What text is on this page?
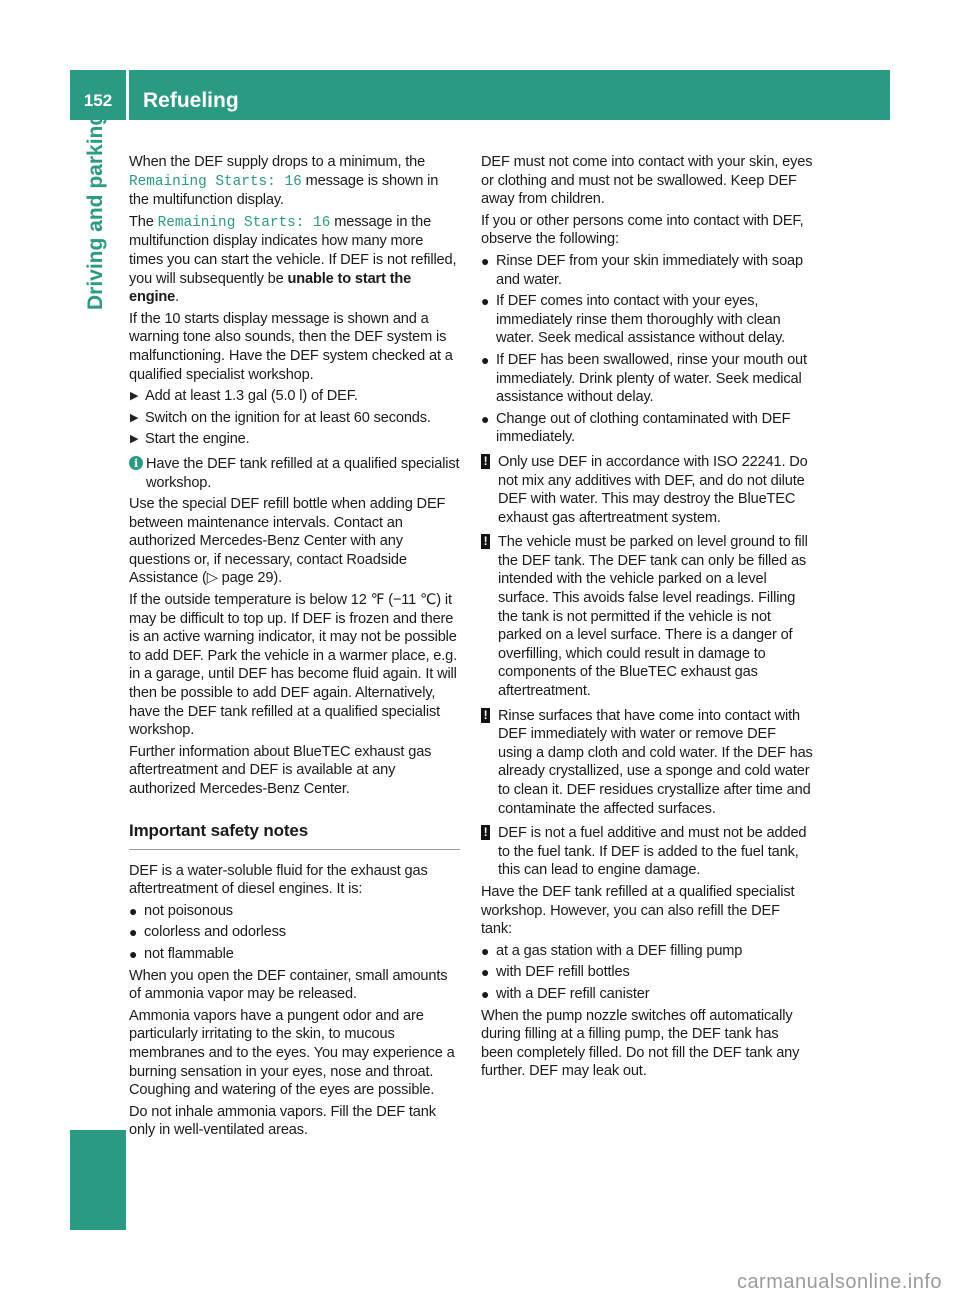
152	Refueling
Driving and parking When the DEF supply drops to a minimum, the
Remaining Starts: 16 message is shown in the multifunction display.

The Remaining Starts: 16 message in the multifunction display indicates how many more times you can start the vehicle. If DEF is not refilled, you will subsequently be unable to start the engine.

If the 10 starts display message is shown and a warning tone also sounds, then the DEF system is malfunctioning. Have the DEF system checked at a qualified specialist workshop.

▶ Add at least 1.3 gal (5.0 l) of DEF.
▶ Switch on the ignition for at least 60 seconds.
▶ Start the engine.
i Have the DEF tank refilled at a qualified specialist workshop.

Use the special DEF refill bottle when adding DEF between maintenance intervals. Contact an authorized Mercedes-Benz Center with any questions or, if necessary, contact Roadside Assistance (▷ page 29).

If the outside temperature is below 12 ℉ (−11 ℃) it may be difficult to top up. If DEF is frozen and there is an active warning indicator, it may not be possible to add DEF. Park the vehicle in a warmer place, e.g. in a garage, until DEF has become fluid again. It will then be possible to add DEF again. Alternatively, have the DEF tank refilled at a qualified specialist workshop.

Further information about BlueTEC exhaust gas aftertreatment and DEF is available at any authorized Mercedes-Benz Center.

Important safety notes

DEF is a water-soluble fluid for the exhaust gas aftertreatment of diesel engines. It is:

● not poisonous
● colorless and odorless
● not flammable

When you open the DEF container, small amounts of ammonia vapor may be released.

Ammonia vapors have a pungent odor and are particularly irritating to the skin, to mucous membranes and to the eyes. You may experience a burning sensation in your eyes, nose and throat. Coughing and watering of the eyes are possible.

Do not inhale ammonia vapors. Fill the DEF tank only in well-ventilated areas.

DEF must not come into contact with your skin, eyes or clothing and must not be swallowed. Keep DEF away from children.

If you or other persons come into contact with DEF, observe the following:

● Rinse DEF from your skin immediately with soap and water.
● If DEF comes into contact with your eyes, immediately rinse them thoroughly with clean water. Seek medical assistance without delay.
● If DEF has been swallowed, rinse your mouth out immediately. Drink plenty of water. Seek medical assistance without delay.
● Change out of clothing contaminated with DEF immediately.
! Only use DEF in accordance with ISO 22241. Do not mix any additives with DEF, and do not dilute DEF with water. This may destroy the BlueTEC exhaust gas aftertreatment system.
! The vehicle must be parked on level ground to fill the DEF tank. The DEF tank can only be filled as intended with the vehicle parked on a level surface. This avoids false level readings. Filling the tank is not permitted if the vehicle is not parked on a level surface. There is a danger of overfilling, which could result in damage to components of the BlueTEC exhaust gas aftertreatment.
! Rinse surfaces that have come into contact with DEF immediately with water or remove DEF using a damp cloth and cold water. If the DEF has already crystallized, use a sponge and cold water to clean it. DEF residues crystallize after time and contaminate the affected surfaces.
! DEF is not a fuel additive and must not be added to the fuel tank. If DEF is added to the fuel tank, this can lead to engine damage.

Have the DEF tank refilled at a qualified specialist workshop. However, you can also refill the DEF tank:

● at a gas station with a DEF filling pump
● with DEF refill bottles
● with a DEF refill canister

When the pump nozzle switches off automatically during filling at a filling pump, the DEF tank has been completely filled. Do not fill the DEF tank any further. DEF may leak out.

carmanualsonline.info
